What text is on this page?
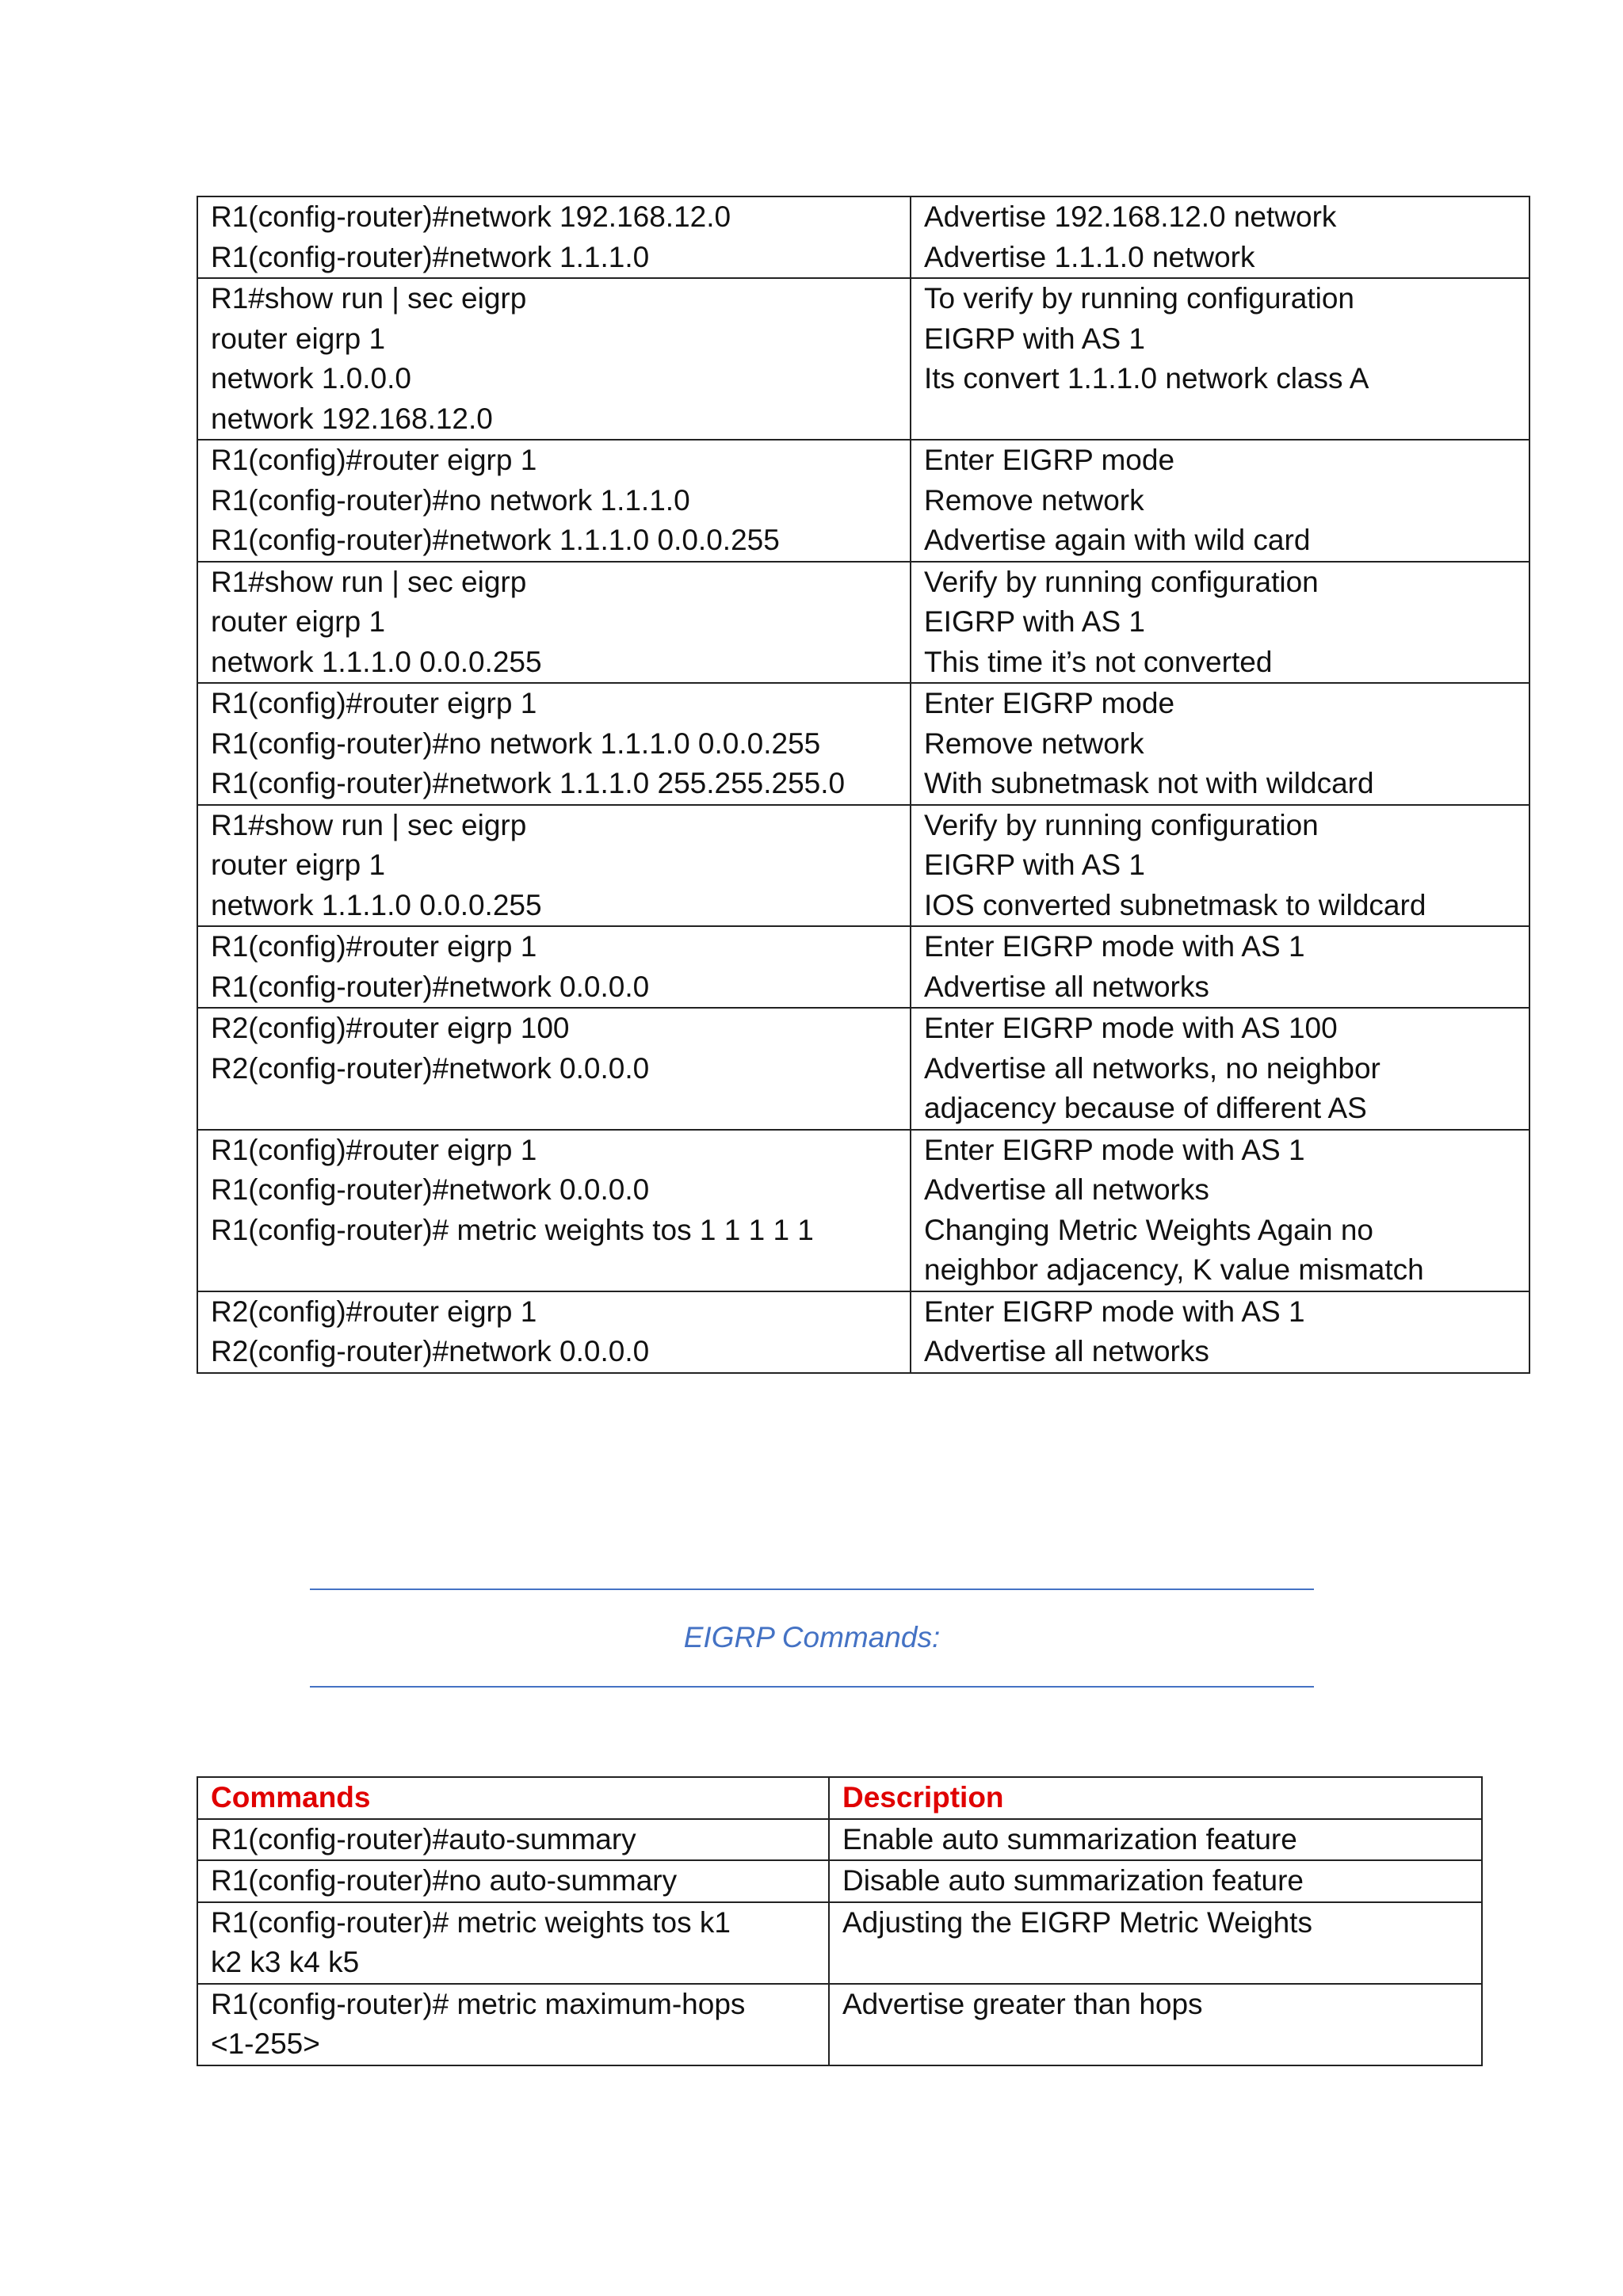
R1(config-router)#network 192.168.12.0
R1(config-router)#network 1.1.1.0	Advertise 192.168.12.0 network
Advertise 1.1.1.0 network

R1#show run | sec eigrp
router eigrp 1
network 1.0.0.0
network 192.168.12.0	To verify by running configuration
EIGRP with AS 1
Its convert 1.1.1.0 network class A

R1(config)#router eigrp 1
R1(config-router)#no network 1.1.1.0
R1(config-router)#network 1.1.1.0 0.0.0.255	Enter EIGRP mode
Remove network
Advertise again with wild card

R1#show run | sec eigrp
router eigrp 1
network 1.1.1.0 0.0.0.255	Verify by running configuration
EIGRP with AS 1
This time it’s not converted

R1(config)#router eigrp 1
R1(config-router)#no network 1.1.1.0 0.0.0.255
R1(config-router)#network 1.1.1.0 255.255.255.0	Enter EIGRP mode
Remove network
With subnetmask not with wildcard

R1#show run | sec eigrp
router eigrp 1
network 1.1.1.0 0.0.0.255	Verify by running configuration
EIGRP with AS 1
IOS converted subnetmask to wildcard

R1(config)#router eigrp 1
R1(config-router)#network 0.0.0.0	Enter EIGRP mode with AS 1
Advertise all networks

R2(config)#router eigrp 100
R2(config-router)#network 0.0.0.0	Enter EIGRP mode with AS 100
Advertise all networks, no neighbor
adjacency because of different AS

R1(config)#router eigrp 1
R1(config-router)#network 0.0.0.0
R1(config-router)# metric weights tos 1 1 1 1 1	Enter EIGRP mode with AS 1
Advertise all networks
Changing Metric Weights Again no
neighbor adjacency, K value mismatch

R2(config)#router eigrp 1
R2(config-router)#network 0.0.0.0	Enter EIGRP mode with AS 1
Advertise all networks
EIGRP Commands:
Commands	Description

R1(config-router)#auto-summary	Enable auto summarization feature

R1(config-router)#no auto-summary	Disable auto summarization feature

R1(config-router)# metric weights tos k1
k2 k3 k4 k5	Adjusting the EIGRP Metric Weights

R1(config-router)# metric maximum-hops
<1-255>	Advertise greater than hops
